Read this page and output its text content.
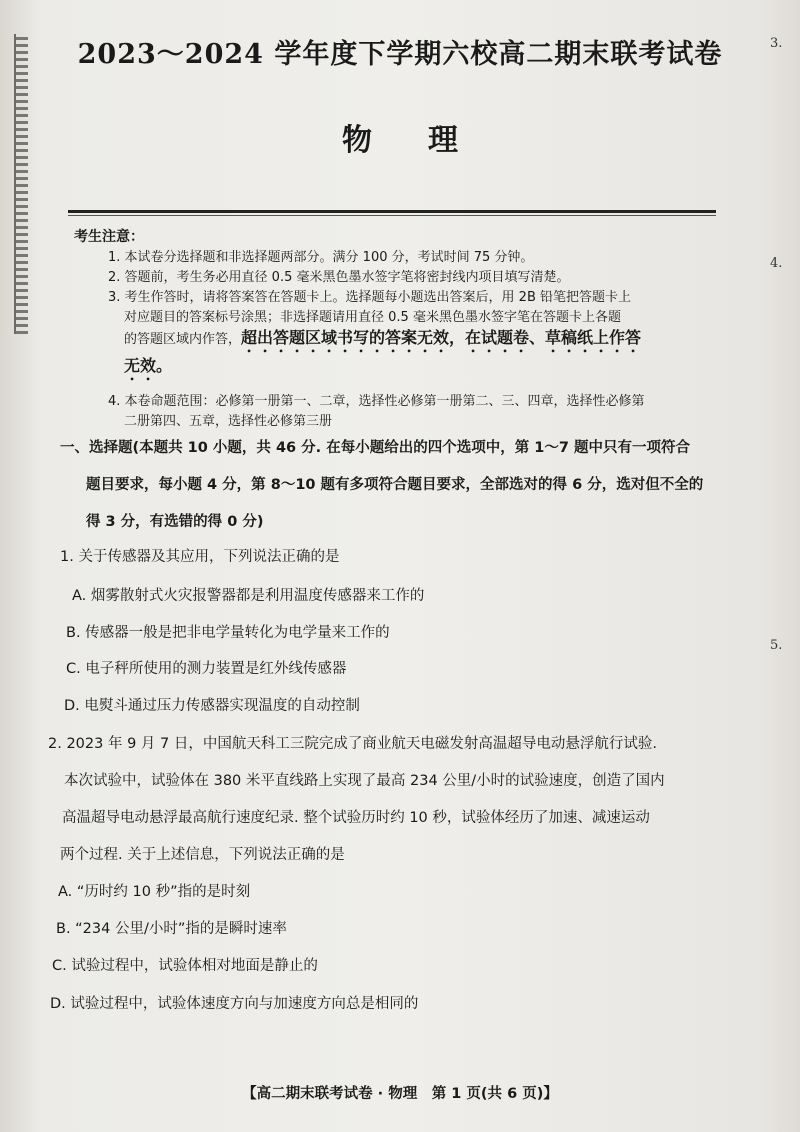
2023～2024 学年度下学期六校高二期末联考试卷
物 理
3.
4.
5.
考生注意：
1. 本试卷分选择题和非选择题两部分。满分 100 分，考试时间 75 分钟。
2. 答题前，考生务必用直径 0.5 毫米黑色墨水签字笔将密封线内项目填写清楚。
3. 考生作答时，请将答案答在答题卡上。选择题每小题选出答案后，用 2B 铅笔把答题卡上
对应题目的答案标号涂黑；非选择题请用直径 0.5 毫米黑色墨水签字笔在答题卡上各题
的答题区域内作答，超出答题区域书写的答案无效，在试题卷、草稿纸上作答
无效。
4. 本卷命题范围：必修第一册第一、二章，选择性必修第一册第二、三、四章，选择性必修第
二册第四、五章，选择性必修第三册
一、选择题(本题共 10 小题，共 46 分. 在每小题给出的四个选项中，第 1～7 题中只有一项符合
题目要求，每小题 4 分，第 8～10 题有多项符合题目要求，全部选对的得 6 分，选对但不全的
得 3 分，有选错的得 0 分)
1. 关于传感器及其应用，下列说法正确的是
A. 烟雾散射式火灾报警器都是利用温度传感器来工作的
B. 传感器一般是把非电学量转化为电学量来工作的
C. 电子秤所使用的测力装置是红外线传感器
D. 电熨斗通过压力传感器实现温度的自动控制
2. 2023 年 9 月 7 日，中国航天科工三院完成了商业航天电磁发射高温超导电动悬浮航行试验.
本次试验中，试验体在 380 米平直线路上实现了最高 234 公里/小时的试验速度，创造了国内
高温超导电动悬浮最高航行速度纪录. 整个试验历时约 10 秒，试验体经历了加速、减速运动
两个过程. 关于上述信息，下列说法正确的是
A. “历时约 10 秒”指的是时刻
B. “234 公里/小时”指的是瞬时速率
C. 试验过程中，试验体相对地面是静止的
D. 试验过程中，试验体速度方向与加速度方向总是相同的
【高二期末联考试卷 · 物理　第 1 页(共 6 页)】
